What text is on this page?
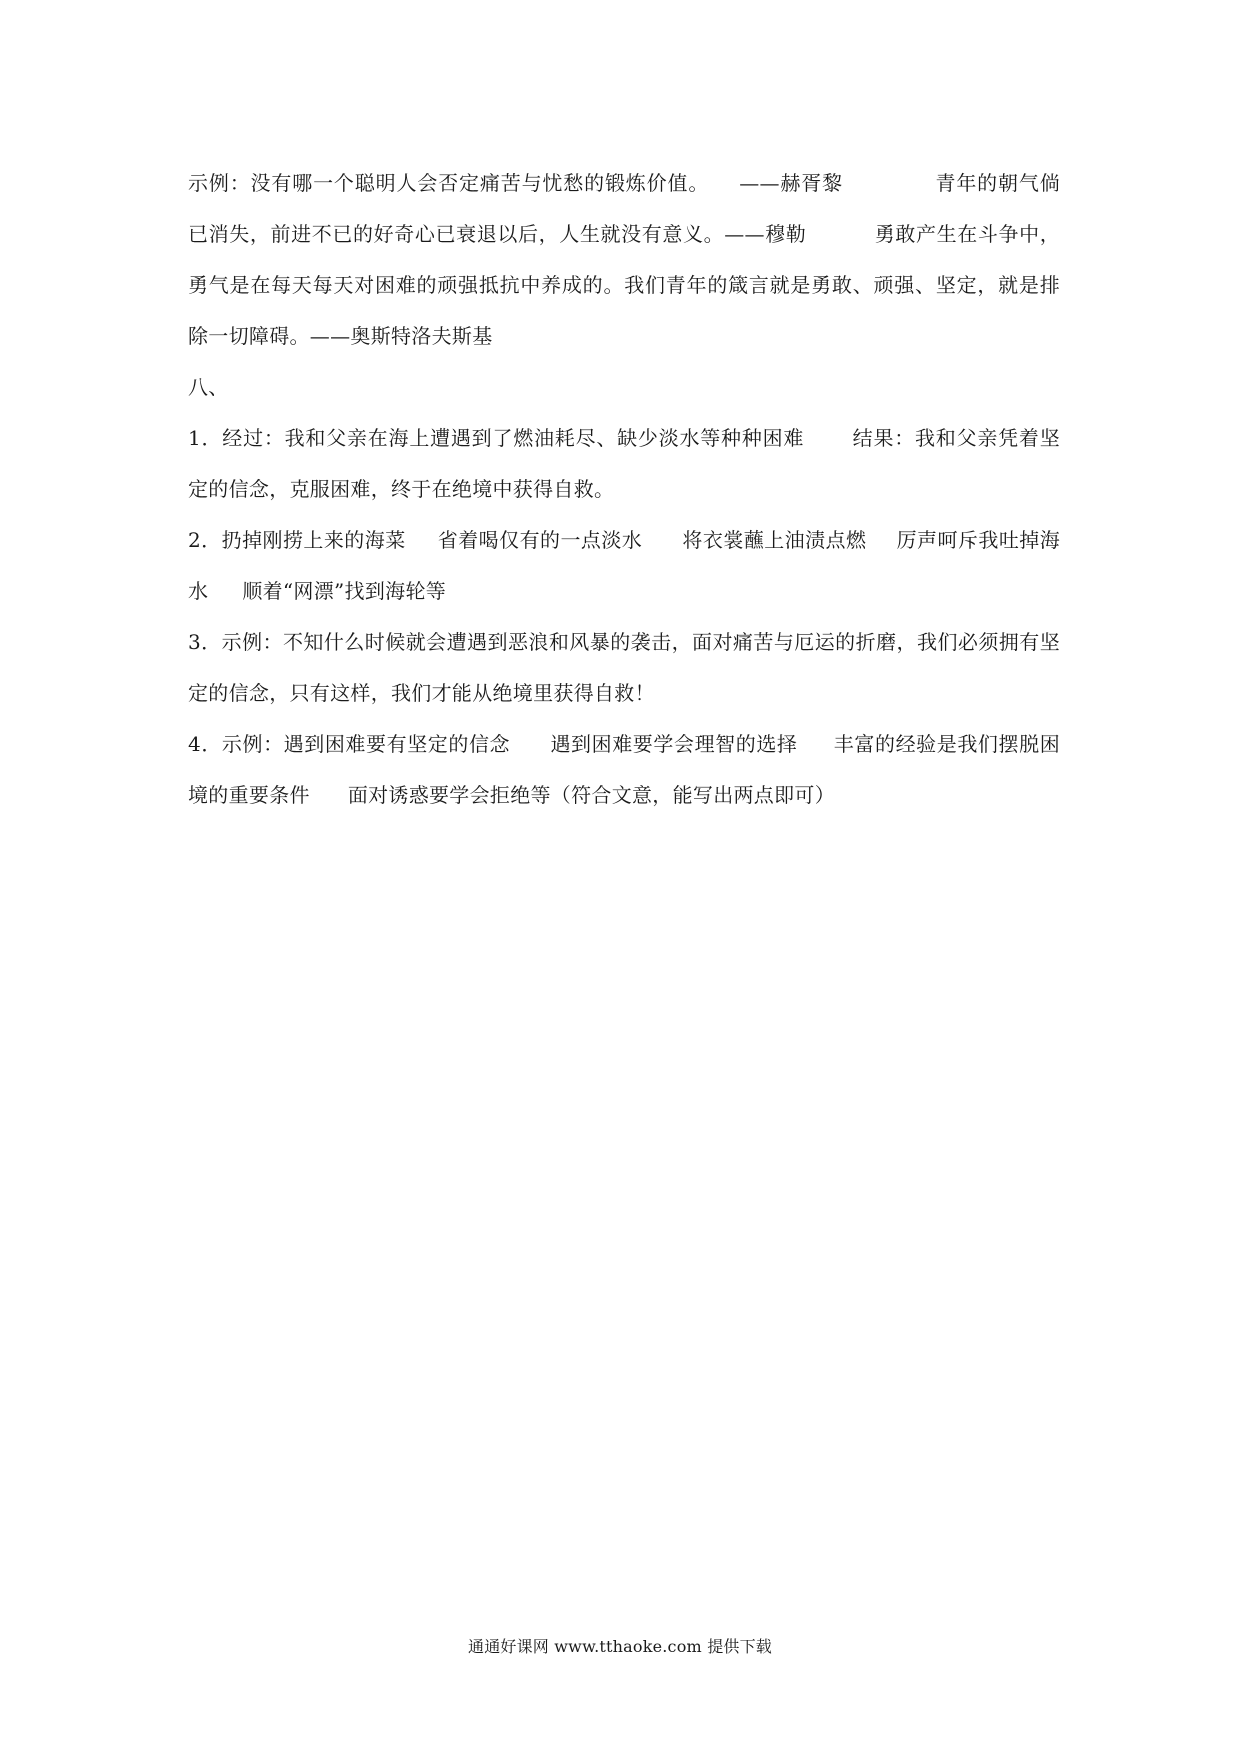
示例：没有哪一个聪明人会否定痛苦与忧愁的锻炼价值。 ——赫胥黎	青年的朝气倘已消失，前进不已的好奇心已衰退以后，人生就没有意义。——穆勒	勇敢产生在斗争中，勇气是在每天每天对困难的顽强抵抗中养成的。我们青年的箴言就是勇敢、顽强、坚定，就是排除一切障碍。——奥斯特洛夫斯基

八、

1．经过：我和父亲在海上遭遇到了燃油耗尽、缺少淡水等种种困难 结果：我和父亲凭着坚定的信念，克服困难，终于在绝境中获得自救。

2．扔掉刚捞上来的海菜 省着喝仅有的一点淡水 将衣裳蘸上油渍点燃 厉声呵斥我吐掉海水 顺着“网漂”找到海轮等

3．示例：不知什么时候就会遭遇到恶浪和风暴的袭击，面对痛苦与厄运的折磨，我们必须拥有坚定的信念，只有这样，我们才能从绝境里获得自救！

4．示例：遇到困难要有坚定的信念 遇到困难要学会理智的选择 丰富的经验是我们摆脱困境的重要条件 面对诱惑要学会拒绝等（符合文意，能写出两点即可）

通通好课网 www.tthaoke.com 提供下载
